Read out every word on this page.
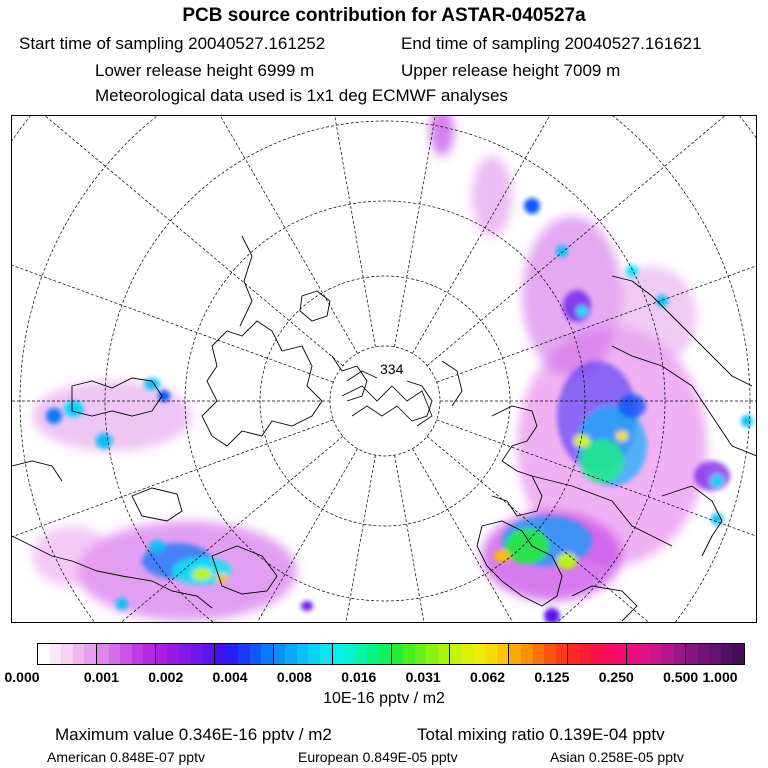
PCB source contribution for ASTAR-040527a
Start time of sampling 20040527.161252	End time of sampling 20040527.161621
Lower release height 6999 m	Upper release height 7009 m
Meteorological data used is 1x1 deg ECMWF analyses
334
0.000	0.001 0.002 0.004 0.008 0.016 0.031 0.062 0.125 0.250 0.500 1.000
10E-16 pptv / m2
Maximum value 0.346E-16 pptv / m2	Total mixing ratio 0.139E-04 pptv
American 0.848E-07 pptv	European 0.849E-05 pptv	Asian 0.258E-05 pptv
